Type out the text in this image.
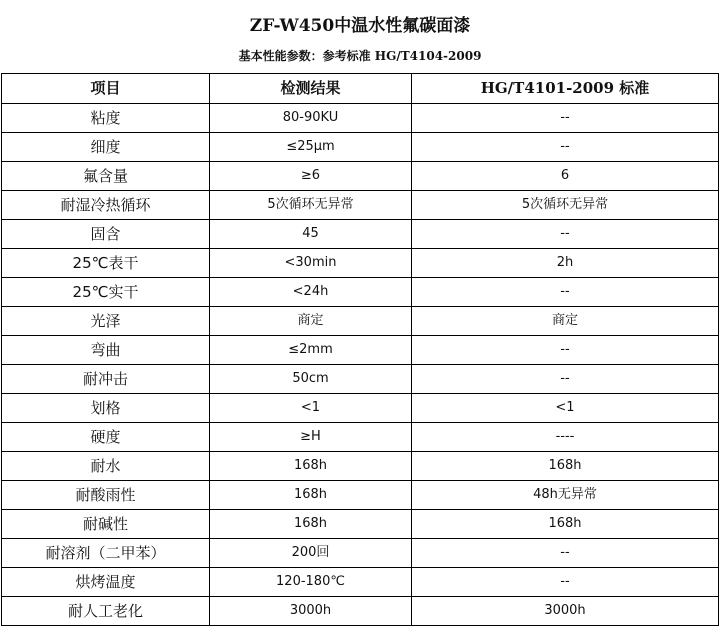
ZF-W450中温水性氟碳面漆
基本性能参数：参考标准 HG/T4104-2009
项目	检测结果	HG/T4101-2009 标准
粘度	80-90KU	--
细度	≤25μm	--
氟含量	≥6	6
耐湿冷热循环	5次循环无异常	5次循环无异常
固含	45	--
25℃表干	<30min	2h
25℃实干	<24h	--
光泽	商定	商定
弯曲	≤2mm	--
耐冲击	50cm	--
划格	<1	<1
硬度	≥H	----
耐水	168h	168h
耐酸雨性	168h	48h无异常
耐碱性	168h	168h
耐溶剂（二甲苯）	200回	--
烘烤温度	120-180℃	--
耐人工老化	3000h	3000h
